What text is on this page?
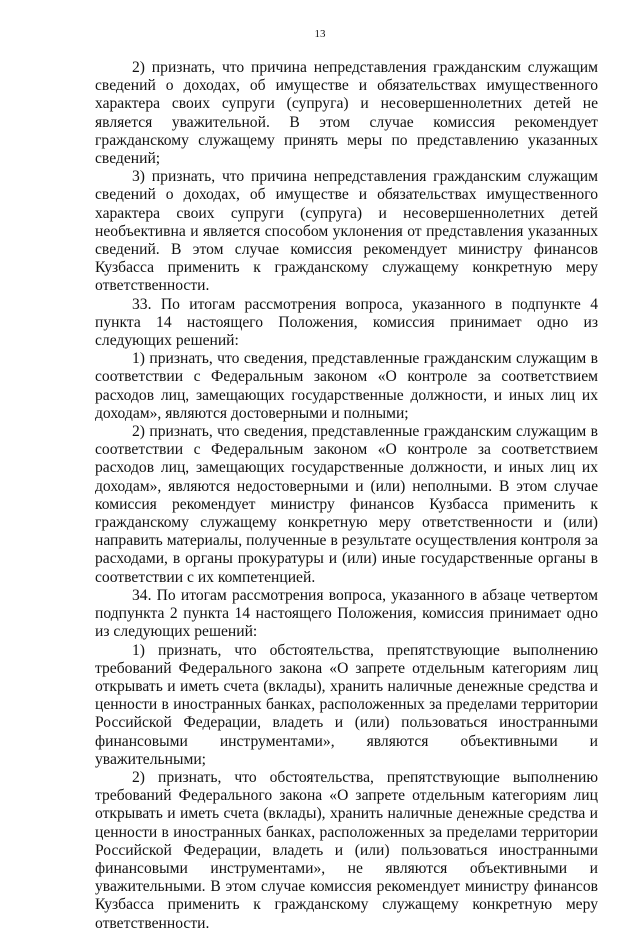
13

2) признать, что причина непредставления гражданским служащим сведений о доходах, об имуществе и обязательствах имущественного характера своих супруги (супруга) и несовершеннолетних детей не является уважительной. В этом случае комиссия рекомендует гражданскому служащему принять меры по представлению указанных сведений;

3) признать, что причина непредставления гражданским служащим сведений о доходах, об имуществе и обязательствах имущественного характера своих супруги (супруга) и несовершеннолетних детей необъективна и является способом уклонения от представления указанных сведений. В этом случае комиссия рекомендует министру финансов Кузбасса применить к гражданскому служащему конкретную меру ответственности.

33. По итогам рассмотрения вопроса, указанного в подпункте 4 пункта 14 настоящего Положения, комиссия принимает одно из следующих решений:

1) признать, что сведения, представленные гражданским служащим в соответствии с Федеральным законом «О контроле за соответствием расходов лиц, замещающих государственные должности, и иных лиц их доходам», являются достоверными и полными;

2) признать, что сведения, представленные гражданским служащим в соответствии с Федеральным законом «О контроле за соответствием расходов лиц, замещающих государственные должности, и иных лиц их доходам», являются недостоверными и (или) неполными. В этом случае комиссия рекомендует министру финансов Кузбасса применить к гражданскому служащему конкретную меру ответственности и (или) направить материалы, полученные в результате осуществления контроля за расходами, в органы прокуратуры и (или) иные государственные органы в соответствии с их компетенцией.

34. По итогам рассмотрения вопроса, указанного в абзаце четвертом подпункта 2 пункта 14 настоящего Положения, комиссия принимает одно из следующих решений:

1) признать, что обстоятельства, препятствующие выполнению требований Федерального закона «О запрете отдельным категориям лиц открывать и иметь счета (вклады), хранить наличные денежные средства и ценности в иностранных банках, расположенных за пределами территории Российской Федерации, владеть и (или) пользоваться иностранными финансовыми инструментами», являются объективными и уважительными;

2) признать, что обстоятельства, препятствующие выполнению требований Федерального закона «О запрете отдельным категориям лиц открывать и иметь счета (вклады), хранить наличные денежные средства и ценности в иностранных банках, расположенных за пределами территории Российской Федерации, владеть и (или) пользоваться иностранными финансовыми инструментами», не являются объективными и уважительными. В этом случае комиссия рекомендует министру финансов Кузбасса применить к гражданскому служащему конкретную меру ответственности.
